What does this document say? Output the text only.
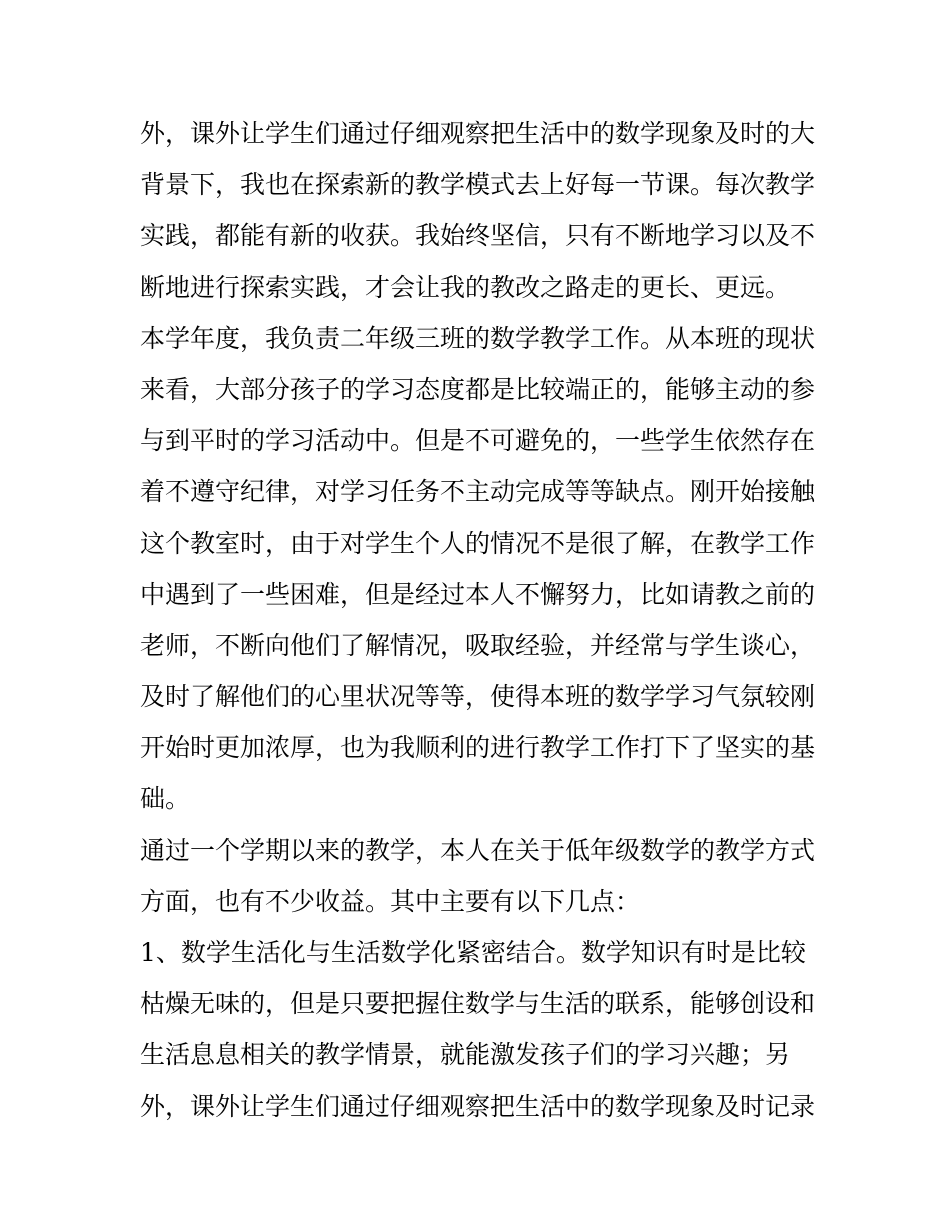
外，课外让学生们通过仔细观察把生活中的数学现象及时的大
背景下，我也在探索新的教学模式去上好每一节课。每次教学
实践，都能有新的收获。我始终坚信，只有不断地学习以及不
断地进行探索实践，才会让我的教改之路走的更长、更远。
本学年度，我负责二年级三班的数学教学工作。从本班的现状
来看，大部分孩子的学习态度都是比较端正的，能够主动的参
与到平时的学习活动中。但是不可避免的，一些学生依然存在
着不遵守纪律，对学习任务不主动完成等等缺点。刚开始接触
这个教室时，由于对学生个人的情况不是很了解，在教学工作
中遇到了一些困难，但是经过本人不懈努力，比如请教之前的
老师，不断向他们了解情况，吸取经验，并经常与学生谈心，
及时了解他们的心里状况等等，使得本班的数学学习气氛较刚
开始时更加浓厚，也为我顺利的进行教学工作打下了坚实的基
础。
通过一个学期以来的教学，本人在关于低年级数学的教学方式
方面，也有不少收益。其中主要有以下几点：
1、数学生活化与生活数学化紧密结合。数学知识有时是比较
枯燥无味的，但是只要把握住数学与生活的联系，能够创设和
生活息息相关的教学情景，就能激发孩子们的学习兴趣；另
外，课外让学生们通过仔细观察把生活中的数学现象及时记录
